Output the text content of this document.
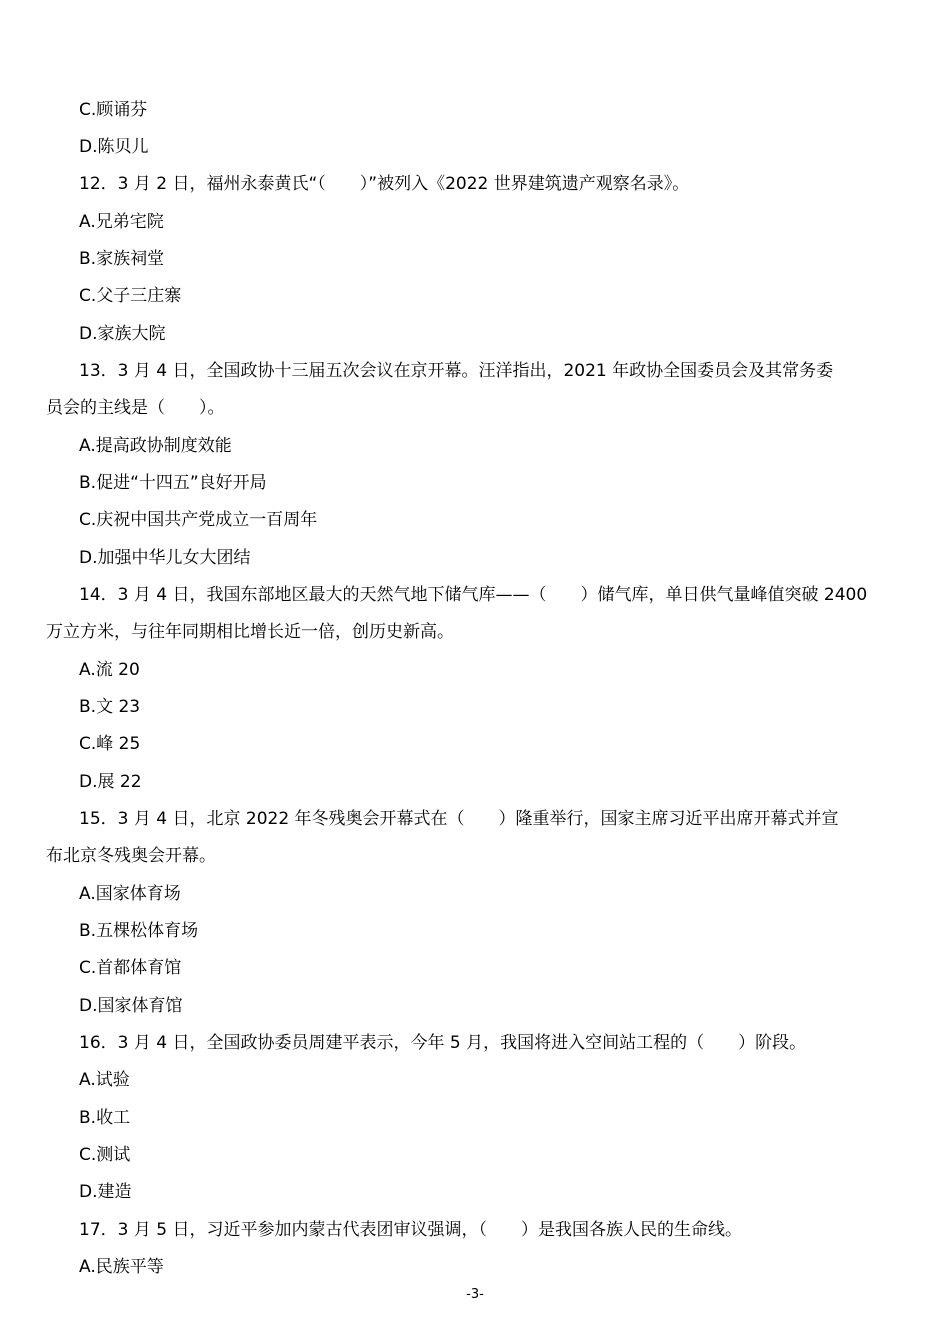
C.顾诵芬
D.陈贝儿
12．3 月 2 日，福州永泰黄氏“（　　）”被列入《2022 世界建筑遗产观察名录》。
A.兄弟宅院
B.家族祠堂
C.父子三庄寨
D.家族大院
13．3 月 4 日，全国政协十三届五次会议在京开幕。汪洋指出，2021 年政协全国委员会及其常务委
员会的主线是（　　）。
A.提高政协制度效能
B.促进“十四五”良好开局
C.庆祝中国共产党成立一百周年
D.加强中华儿女大团结
14．3 月 4 日，我国东部地区最大的天然气地下储气库——（　　）储气库，单日供气量峰值突破 2400
万立方米，与往年同期相比增长近一倍，创历史新高。
A.流 20
B.文 23
C.峰 25
D.展 22
15．3 月 4 日，北京 2022 年冬残奥会开幕式在（　　）隆重举行，国家主席习近平出席开幕式并宣
布北京冬残奥会开幕。
A.国家体育场
B.五棵松体育场
C.首都体育馆
D.国家体育馆
16．3 月 4 日，全国政协委员周建平表示，今年 5 月，我国将进入空间站工程的（　　）阶段。
A.试验
B.收工
C.测试
D.建造
17．3 月 5 日，习近平参加内蒙古代表团审议强调，（　　）是我国各族人民的生命线。
A.民族平等
-3-
